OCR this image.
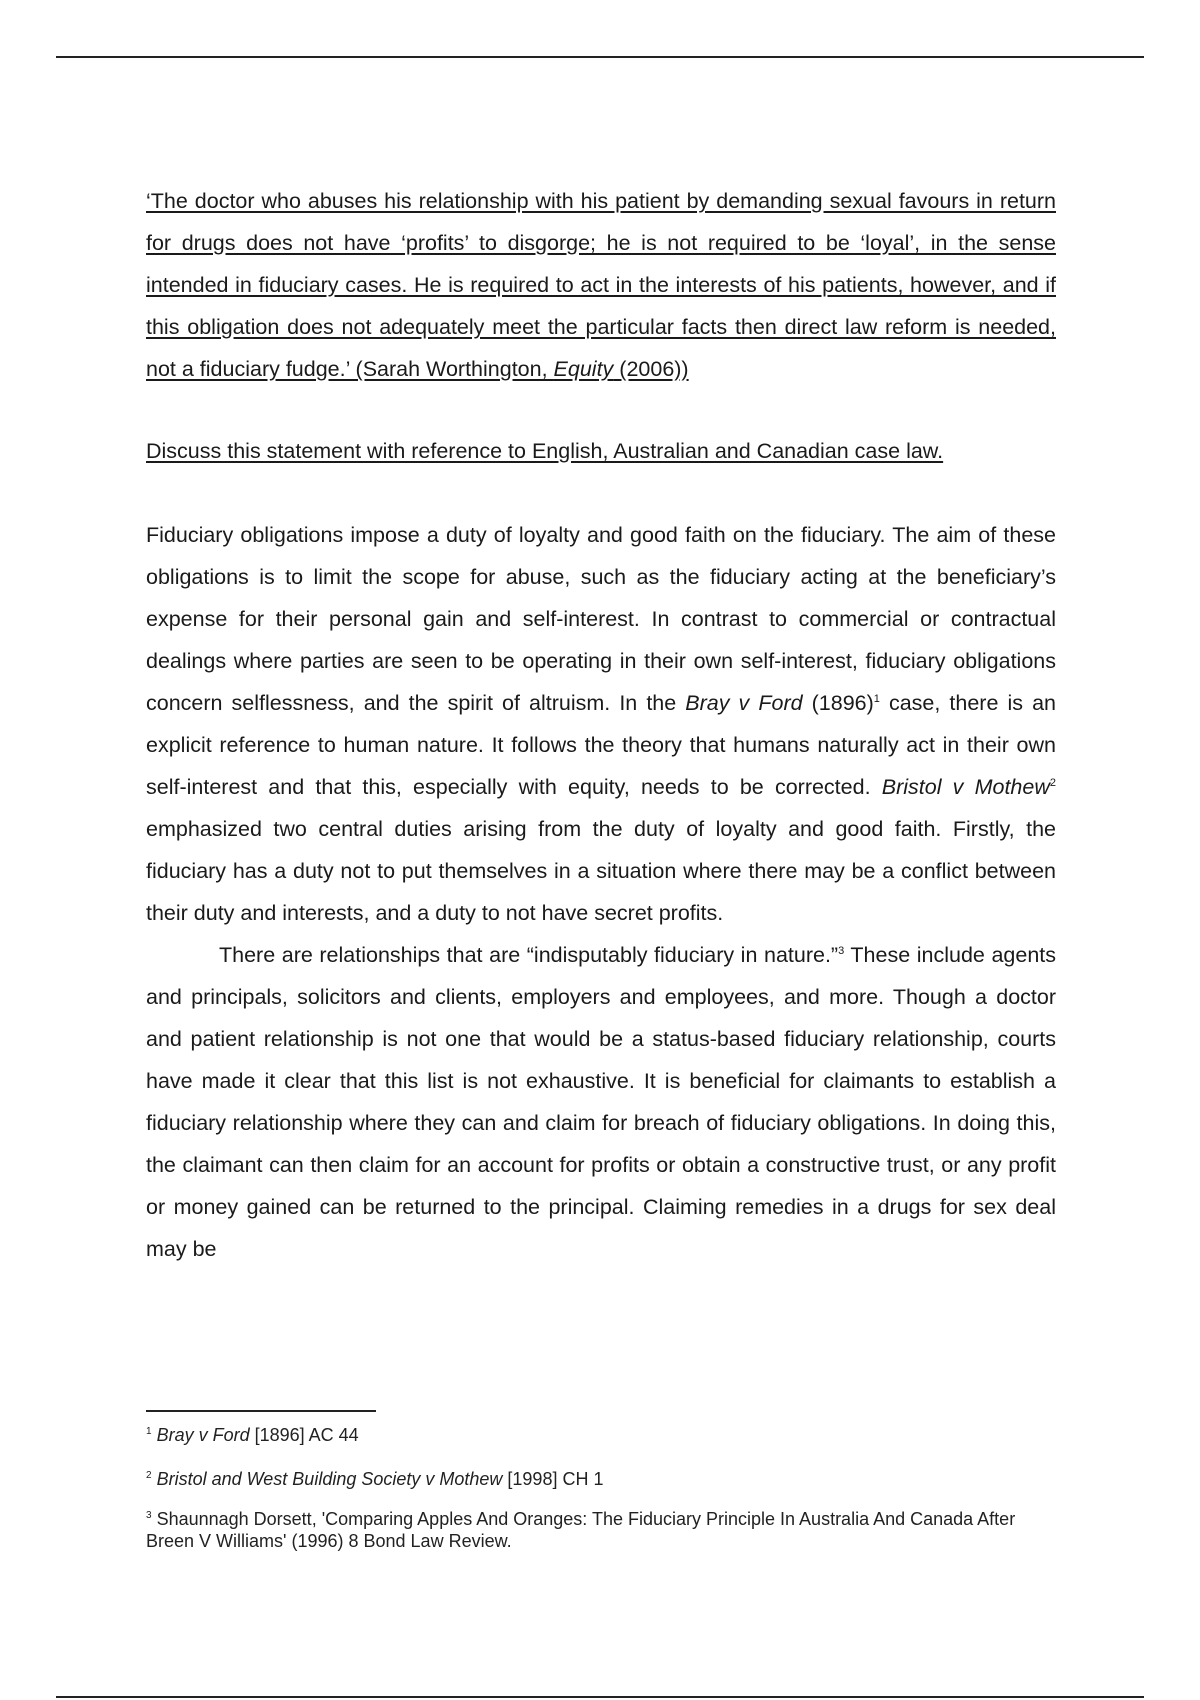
‘The doctor who abuses his relationship with his patient by demanding sexual favours in return for drugs does not have ‘profits’ to disgorge; he is not required to be ‘loyal’, in the sense intended in fiduciary cases. He is required to act in the interests of his patients, however, and if this obligation does not adequately meet the particular facts then direct law reform is needed, not a fiduciary fudge.’ (Sarah Worthington, Equity (2006))

Discuss this statement with reference to English, Australian and Canadian case law.

Fiduciary obligations impose a duty of loyalty and good faith on the fiduciary. The aim of these obligations is to limit the scope for abuse, such as the fiduciary acting at the beneficiary’s expense for their personal gain and self-interest. In contrast to commercial or contractual dealings where parties are seen to be operating in their own self-interest, fiduciary obligations concern selflessness, and the spirit of altruism. In the Bray v Ford $(1896)^1$ case, there is an explicit reference to human nature. It follows the theory that humans naturally act in their own self-interest and that this, especially with equity, needs to be corrected. Bristol v Mothew$^2$ emphasized two central duties arising from the duty of loyalty and good faith. Firstly, the fiduciary has a duty not to put themselves in a situation where there may be a conflict between their duty and interests, and a duty to not have secret profits.

There are relationships that are “indisputably fiduciary in nature.”$^3$ These include agents and principals, solicitors and clients, employers and employees, and more. Though a doctor and patient relationship is not one that would be a status-based fiduciary relationship, courts have made it clear that this list is not exhaustive. It is beneficial for claimants to establish a fiduciary relationship where they can and claim for breach of fiduciary obligations. In doing this, the claimant can then claim for an account for profits or obtain a constructive trust, or any profit or money gained can be returned to the principal. Claiming remedies in a drugs for sex deal may be

$^1$ Bray v Ford [1896] AC 44

$^2$ Bristol and West Building Society v Mothew [1998] CH 1

$^3$ Shaunnagh Dorsett, 'Comparing Apples And Oranges: The Fiduciary Principle In Australia And Canada After Breen V Williams' (1996) 8 Bond Law Review.
